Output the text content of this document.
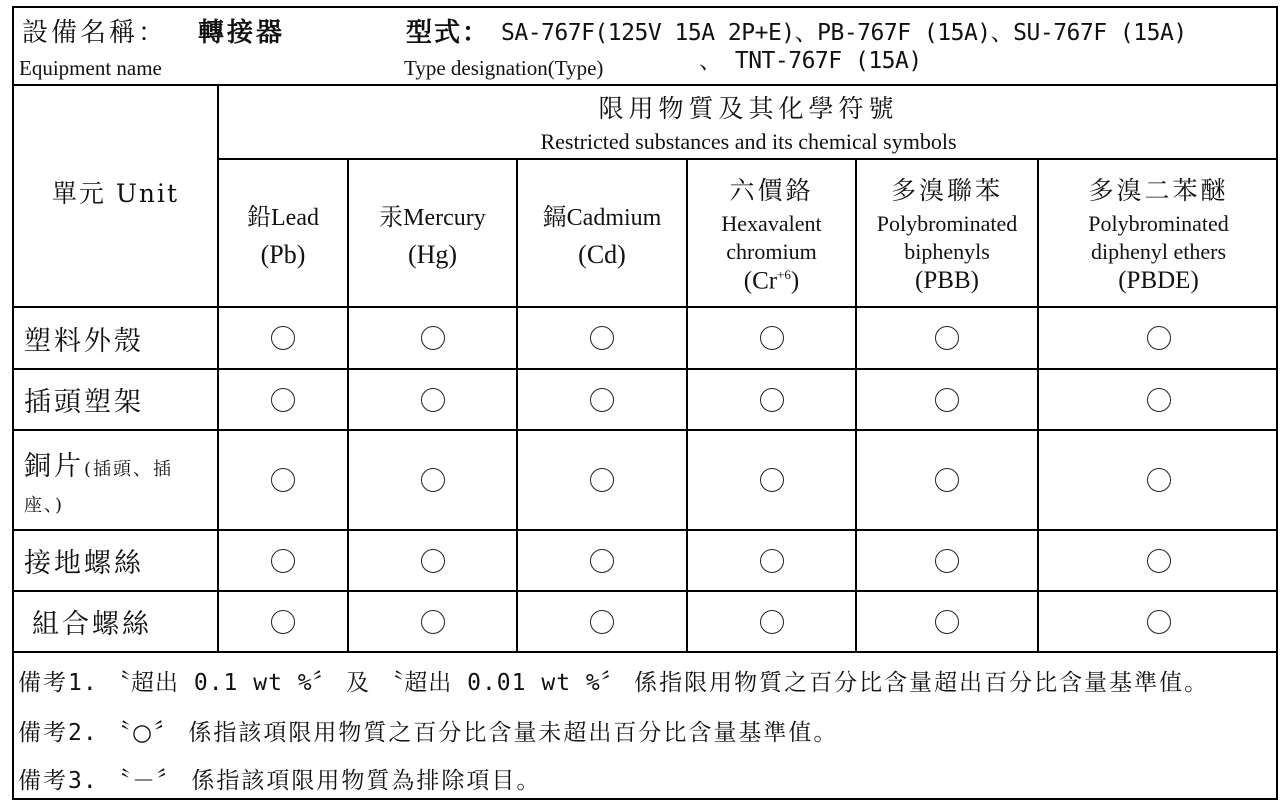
設備名稱： 轉接器
Equipment name
型式： SA-767F(125V 15A 2P+E)、PB-767F (15A)、SU-767F (15A)
Type designation(Type)	、 TNT-767F (15A)
單元 Unit
限用物質及其化學符號
Restricted substances and its chemical symbols
鉛Lead
(Pb)
汞Mercury
(Hg)
鎘Cadmium
(Cd)
六價鉻
Hexavalent
chromium
$(Cr^{+6})$
多溴聯苯
Polybrominated
biphenyls
(PBB)
多溴二苯醚
Polybrominated
diphenyl ethers
(PBDE)
塑料外殼
插頭塑架
銅片(插頭、插
座、)
接地螺絲
組合螺絲
備考1. 〝超出 0.1 wt %〞 及 〝超出 0.01 wt %〞 係指限用物質之百分比含量超出百分比含量基準值。
備考2. 〝○〞 係指該項限用物質之百分比含量未超出百分比含量基準值。
備考3. 〝－〞 係指該項限用物質為排除項目。
